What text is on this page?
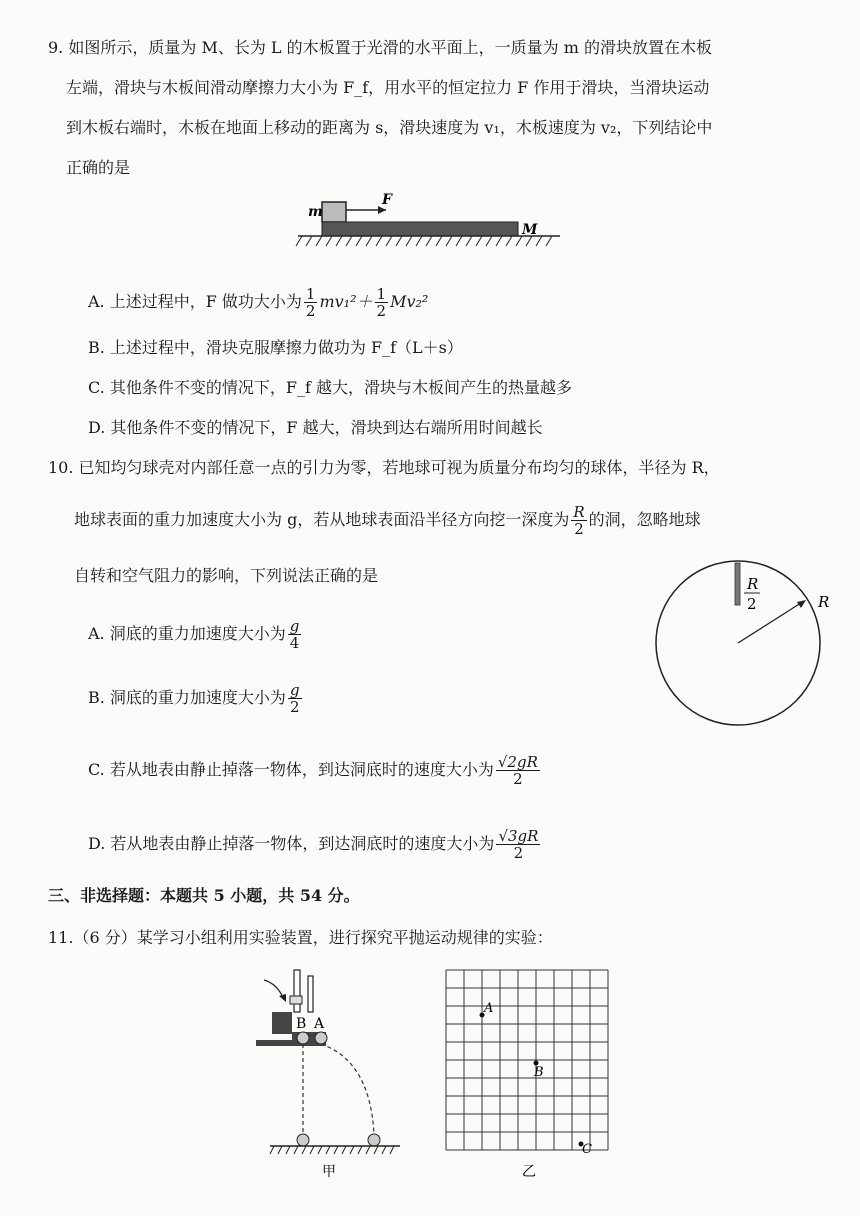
9. 如图所示，质量为 M、长为 L 的木板置于光滑的水平面上，一质量为 m 的滑块放置在木板
左端，滑块与木板间滑动摩擦力大小为 F_f，用水平的恒定拉力 F 作用于滑块，当滑块运动
到木板右端时，木板在地面上移动的距离为 s，滑块速度为 v₁，木板速度为 v₂，下列结论中
正确的是
m
F
M
A. 上述过程中，F 做功大小为 $\frac{1}{2} mv_1^2+ \frac{1}{2} Mv_2^2$
B. 上述过程中，滑块克服摩擦力做功为 F_f（L＋s）
C. 其他条件不变的情况下，F_f 越大，滑块与木板间产生的热量越多
D. 其他条件不变的情况下，F 越大，滑块到达右端所用时间越长
10. 已知均匀球壳对内部任意一点的引力为零，若地球可视为质量分布均匀的球体，半径为 R，
地球表面的重力加速度大小为 g，若从地球表面沿半径方向挖一深度为 $\frac{R}{2}$ 的洞，忽略地球
自转和空气阻力的影响，下列说法正确的是	R
2	R
A. 洞底的重力加速度大小为 $\frac{g}{4}$
B. 洞底的重力加速度大小为 $\frac{g}{2}$
C. 若从地表由静止掉落一物体，到达洞底时的速度大小为 $\frac{√2gR}{2}$
D. 若从地表由静止掉落一物体，到达洞底时的速度大小为 $\frac{√3gR}{2}$
三、非选择题：本题共 5 小题，共 54 分。
11.（6 分）某学习小组利用实验装置，进行探究平抛运动规律的实验：
B A
甲
A
B
C
乙
